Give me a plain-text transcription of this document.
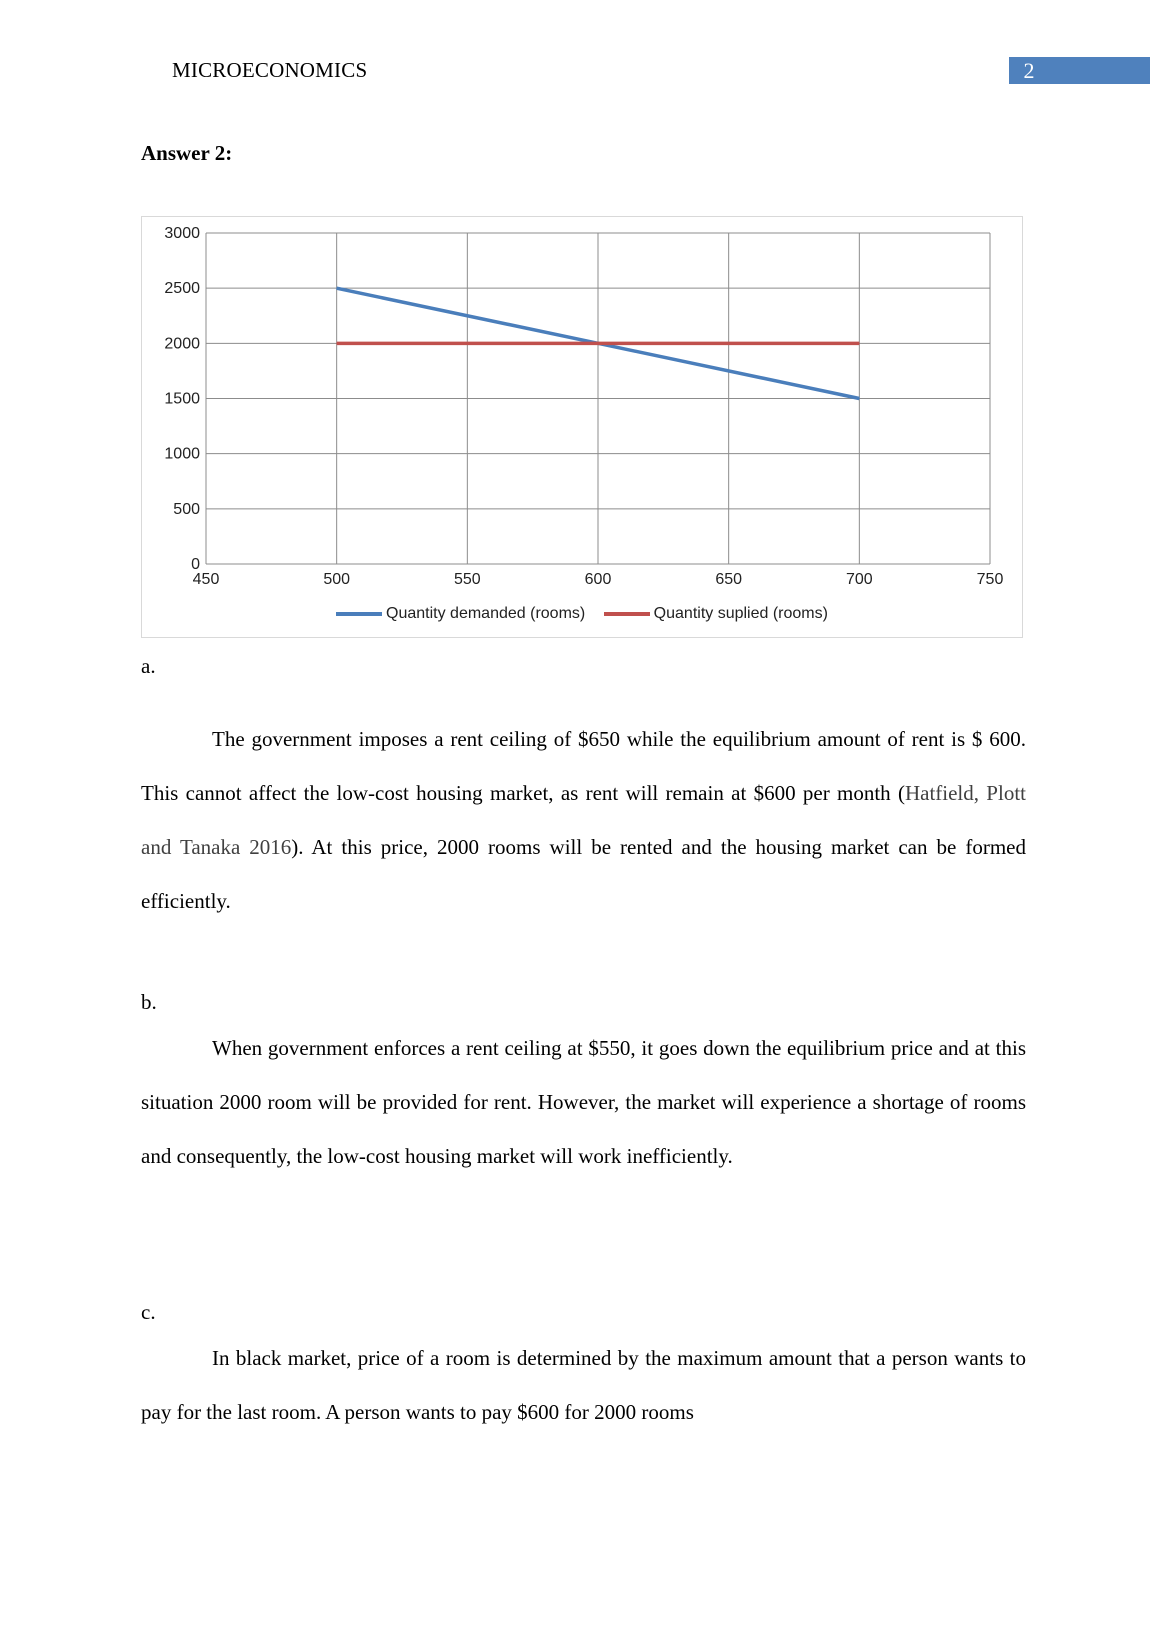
MICROECONOMICS	2
Answer 2:
0
500
1000
1500
2000
2500
3000
450	500	550	600	650	700	750
Quantity demanded (rooms)
	Quantity suplied (rooms)
a.

The government imposes a rent ceiling of $650 while the equilibrium amount of rent is $ 600. This cannot affect the low-cost housing market, as rent will remain at $600 per month (Hatfield, Plott and Tanaka 2016). At this price, 2000 rooms will be rented and the housing market can be formed efficiently.

b.

When government enforces a rent ceiling at $550, it goes down the equilibrium price and at this situation 2000 room will be provided for rent. However, the market will experience a shortage of rooms and consequently, the low-cost housing market will work inefficiently.

c.

In black market, price of a room is determined by the maximum amount that a person wants to pay for the last room. A person wants to pay $600 for 2000 rooms
